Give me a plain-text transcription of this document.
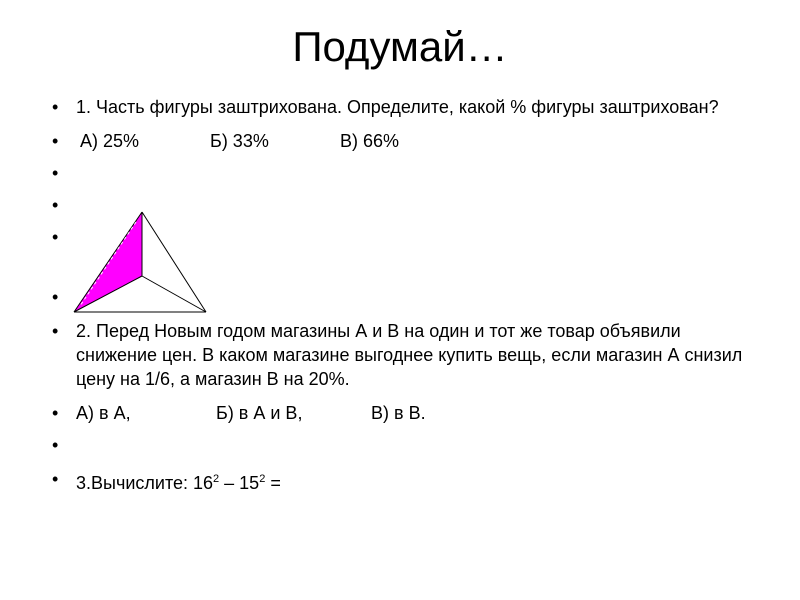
Подумай…
• 1. Часть фигуры заштрихована. Определите, какой % фигуры заштрихован?
• А) 25%	Б) 33%	В) 66%
•
•
•
•
• 2. Перед Новым годом магазины А и В на один и тот же товар объявили снижение цен. В каком магазине выгоднее купить вещь, если магазин А снизил цену на 1/6, а магазин В на 20%.
• А) в А,	Б) в А и В,	В) в В.
•
• 3.Вычислите: $16^2 - 15^2$ =
